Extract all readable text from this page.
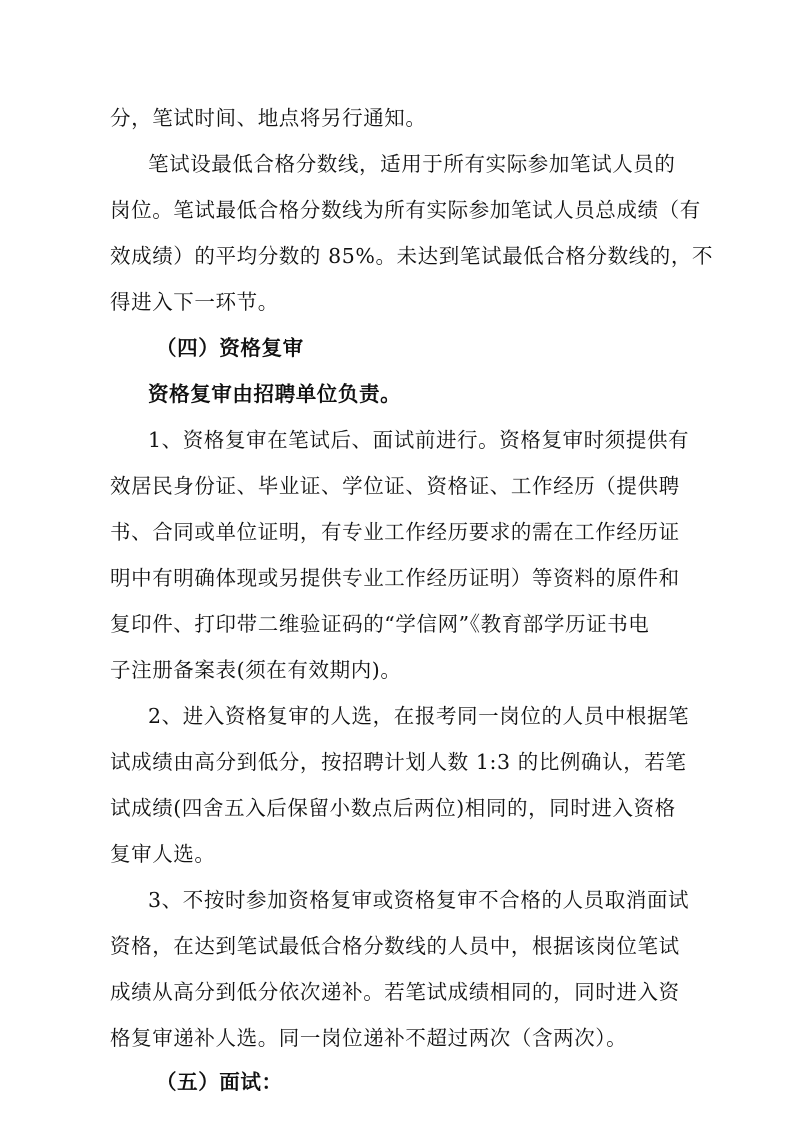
分，笔试时间、地点将另行通知。
笔试设最低合格分数线，适用于所有实际参加笔试人员的
岗位。笔试最低合格分数线为所有实际参加笔试人员总成绩（有
效成绩）的平均分数的 85%。未达到笔试最低合格分数线的，不
得进入下一环节。
（四）资格复审
资格复审由招聘单位负责。
1、资格复审在笔试后、面试前进行。资格复审时须提供有
效居民身份证、毕业证、学位证、资格证、工作经历（提供聘
书、合同或单位证明，有专业工作经历要求的需在工作经历证
明中有明确体现或另提供专业工作经历证明）等资料的原件和
复印件、打印带二维验证码的“学信网”《教育部学历证书电
子注册备案表(须在有效期内)。
2、进入资格复审的人选，在报考同一岗位的人员中根据笔
试成绩由高分到低分，按招聘计划人数 1:3 的比例确认，若笔
试成绩(四舍五入后保留小数点后两位)相同的，同时进入资格
复审人选。
3、不按时参加资格复审或资格复审不合格的人员取消面试
资格，在达到笔试最低合格分数线的人员中，根据该岗位笔试
成绩从高分到低分依次递补。若笔试成绩相同的，同时进入资
格复审递补人选。同一岗位递补不超过两次（含两次）。
（五）面试：
